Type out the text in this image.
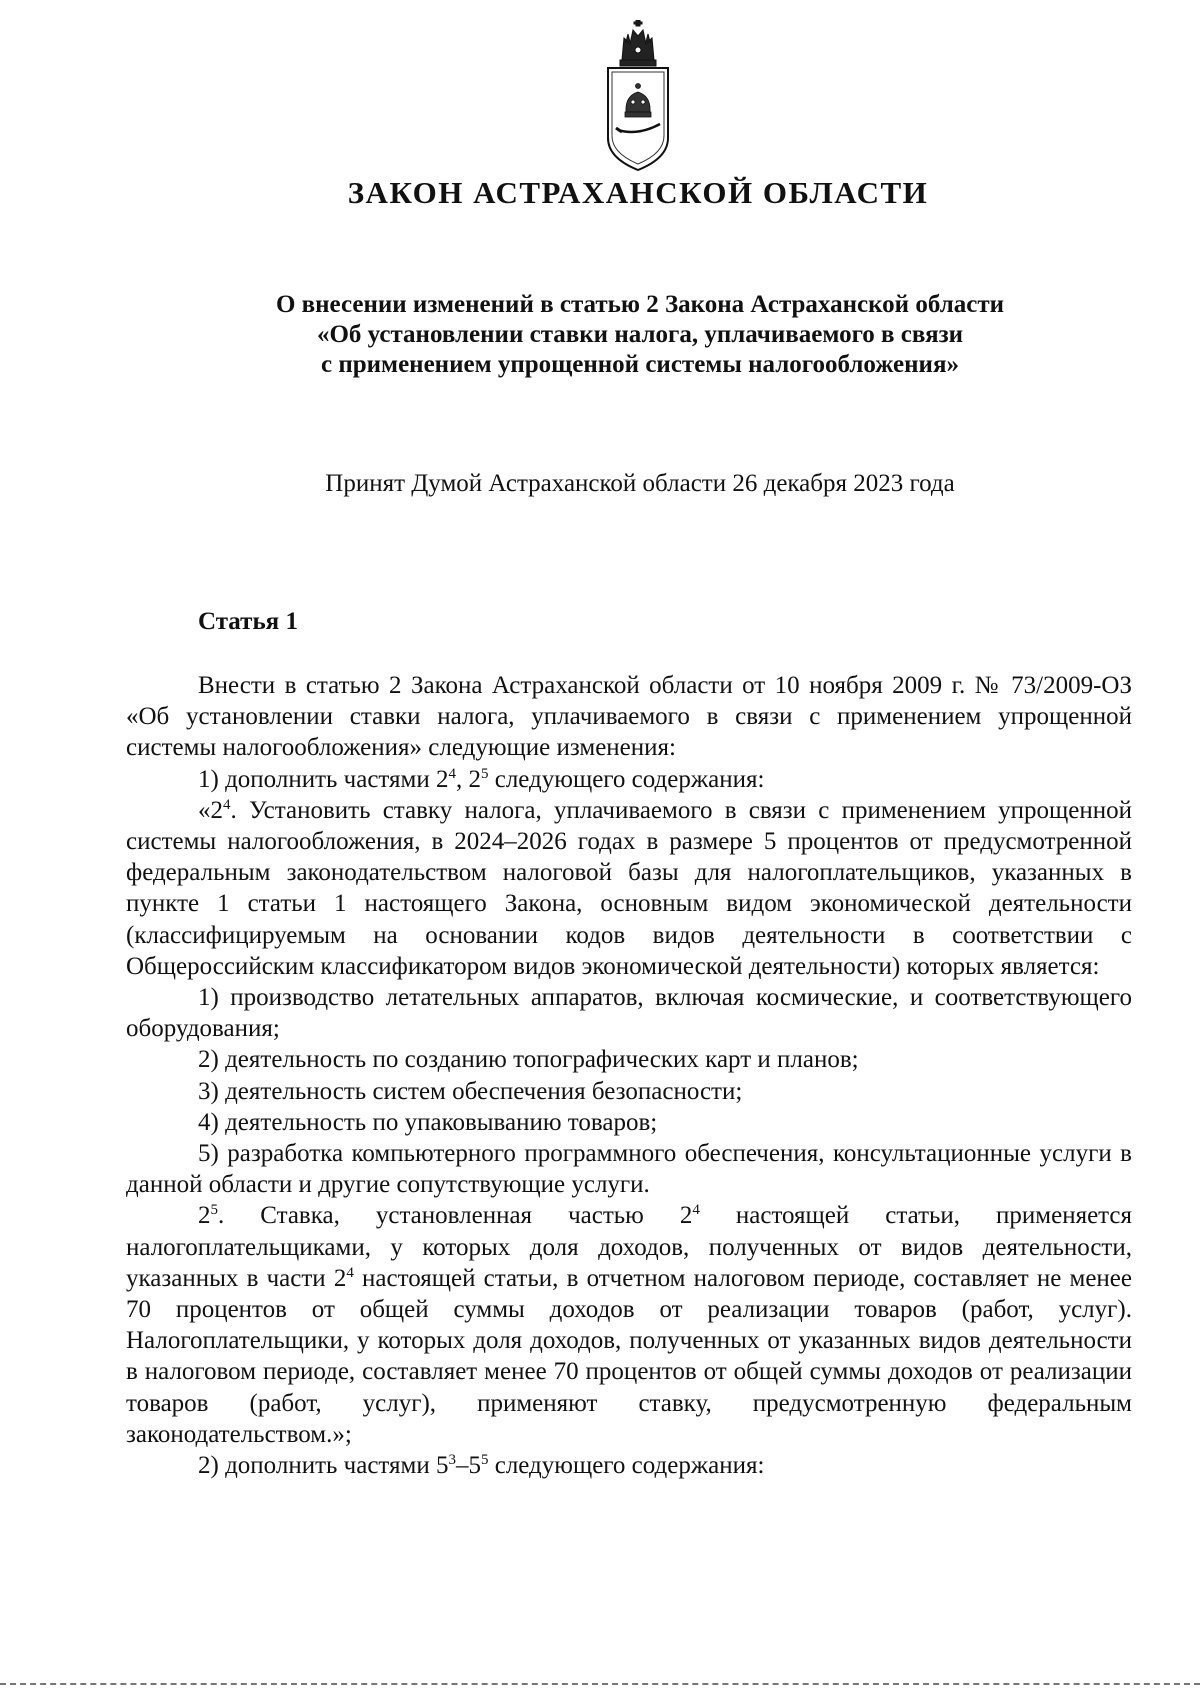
ЗАКОН АСТРАХАНСКОЙ ОБЛАСТИ
О внесении изменений в статью 2 Закона Астраханской области
«Об установлении ставки налога, уплачиваемого в связи
с применением упрощенной системы налогообложения»
Принят Думой Астраханской области 26 декабря 2023 года
Статья 1

Внести в статью 2 Закона Астраханской области от 10 ноября 2009 г. № 73/2009-ОЗ «Об установлении ставки налога, уплачиваемого в связи с применением упрощенной системы налогообложения» следующие изменения:

1) дополнить частями $2^4$, $2^5$ следующего содержания:

«$2^4$. Установить ставку налога, уплачиваемого в связи с применением упрощенной системы налогообложения, в 2024–2026 годах в размере 5 процентов от предусмотренной федеральным законодательством налоговой базы для налогоплательщиков, указанных в пункте 1 статьи 1 настоящего Закона, основным видом экономической деятельности (классифицируемым на основании кодов видов деятельности в соответствии с Общероссийским классификатором видов экономической деятельности) которых является:

1) производство летательных аппаратов, включая космические, и соответствующего оборудования;

2) деятельность по созданию топографических карт и планов;

3) деятельность систем обеспечения безопасности;

4) деятельность по упаковыванию товаров;

5) разработка компьютерного программного обеспечения, консультационные услуги в данной области и другие сопутствующие услуги.

$2^5$. Ставка, установленная частью $2^4$ настоящей статьи, применяется налогоплательщиками, у которых доля доходов, полученных от видов деятельности, указанных в части $2^4$ настоящей статьи, в отчетном налоговом периоде, составляет не менее 70 процентов от общей суммы доходов от реализации товаров (работ, услуг). Налогоплательщики, у которых доля доходов, полученных от указанных видов деятельности в налоговом периоде, составляет менее 70 процентов от общей суммы доходов от реализации товаров (работ, услуг), применяют ставку, предусмотренную федеральным законодательством.»;

2) дополнить частями $5^3-5^5$ следующего содержания:
